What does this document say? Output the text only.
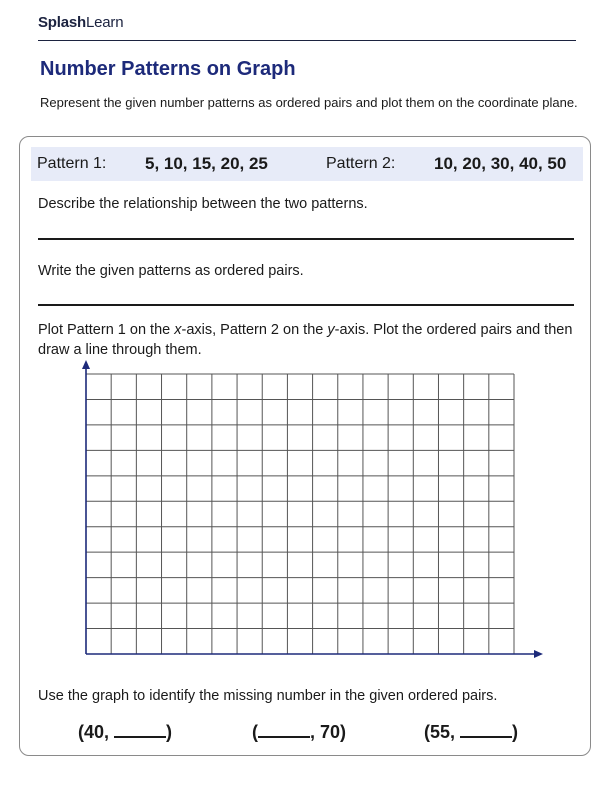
SplashLearn
Number Patterns on Graph
Represent the given number patterns as ordered pairs and plot them on the coordinate plane.
Pattern 1: 5, 10, 15, 20, 25	Pattern 2: 10, 20, 30, 40, 50
Describe the relationship between the two patterns.
Write the given patterns as ordered pairs.
Plot Pattern 1 on the x-axis, Pattern 2 on the y-axis. Plot the ordered pairs and then draw a line through them.
Use the graph to identify the missing number in the given ordered pairs.
(40,	)	(	, 70)	(55,	)
